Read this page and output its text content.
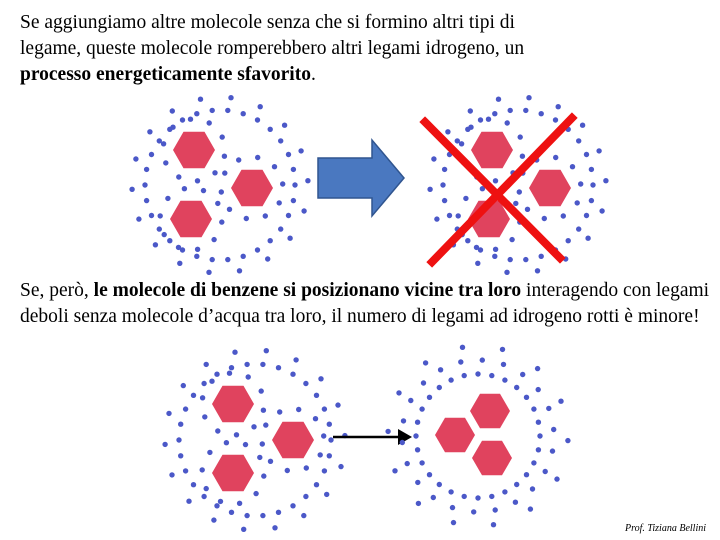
Se aggiungiamo altre molecole senza che si formino altri tipi di
legame, queste molecole romperebbero altri legami idrogeno, un
processo energeticamente sfavorito.

Se, però, le molecole di benzene si posizionano vicine tra loro interagendo con legami deboli senza molecole d’acqua tra loro, il numero di legami ad idrogeno rotti è minore!

Prof. Tiziana Bellini
